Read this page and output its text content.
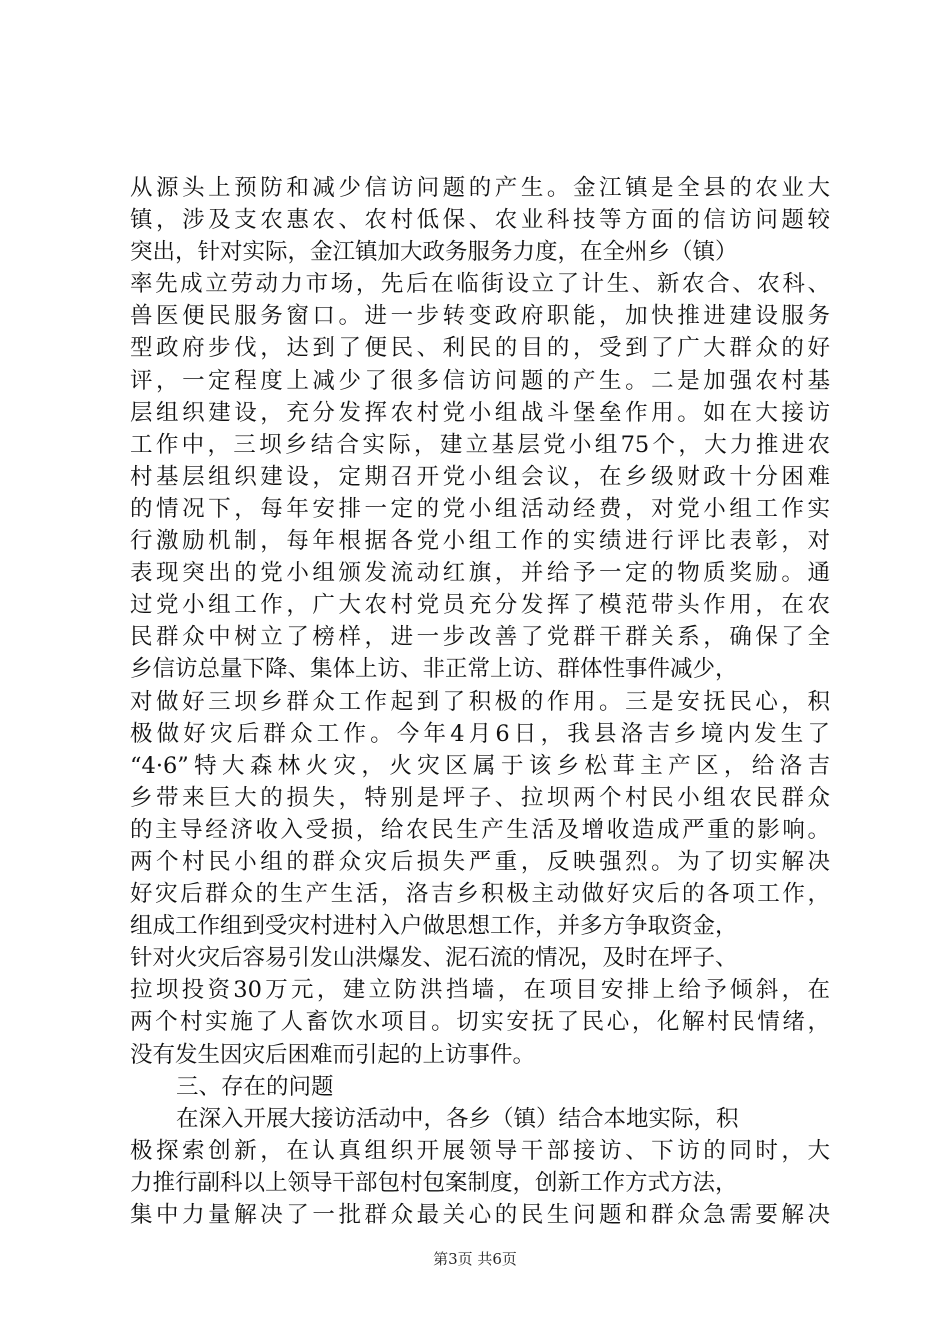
从源头上预防和减少信访问题的产生。金江镇是全县的农业大
镇，涉及支农惠农、农村低保、农业科技等方面的信访问题较
突出，针对实际，金江镇加大政务服务力度，在全州乡（镇）
率先成立劳动力市场，先后在临街设立了计生、新农合、农科、
兽医便民服务窗口。进一步转变政府职能，加快推进建设服务
型政府步伐，达到了便民、利民的目的，受到了广大群众的好
评，一定程度上减少了很多信访问题的产生。二是加强农村基
层组织建设，充分发挥农村党小组战斗堡垒作用。如在大接访
工作中，三坝乡结合实际，建立基层党小组75个，大力推进农
村基层组织建设，定期召开党小组会议，在乡级财政十分困难
的情况下，每年安排一定的党小组活动经费，对党小组工作实
行激励机制，每年根据各党小组工作的实绩进行评比表彰，对
表现突出的党小组颁发流动红旗，并给予一定的物质奖励。通
过党小组工作，广大农村党员充分发挥了模范带头作用，在农
民群众中树立了榜样，进一步改善了党群干群关系，确保了全
乡信访总量下降、集体上访、非正常上访、群体性事件减少，
对做好三坝乡群众工作起到了积极的作用。三是安抚民心，积
极做好灾后群众工作。今年4月6日，我县洛吉乡境内发生了
“4·6”特大森林火灾，火灾区属于该乡松茸主产区，给洛吉
乡带来巨大的损失，特别是坪子、拉坝两个村民小组农民群众
的主导经济收入受损，给农民生产生活及增收造成严重的影响。
两个村民小组的群众灾后损失严重，反映强烈。为了切实解决
好灾后群众的生产生活，洛吉乡积极主动做好灾后的各项工作，
组成工作组到受灾村进村入户做思想工作，并多方争取资金，
针对火灾后容易引发山洪爆发、泥石流的情况，及时在坪子、
拉坝投资30万元，建立防洪挡墙，在项目安排上给予倾斜，在
两个村实施了人畜饮水项目。切实安抚了民心，化解村民情绪，
没有发生因灾后困难而引起的上访事件。
三、存在的问题
在深入开展大接访活动中，各乡（镇）结合本地实际，积
极探索创新，在认真组织开展领导干部接访、下访的同时，大
力推行副科以上领导干部包村包案制度，创新工作方式方法，
集中力量解决了一批群众最关心的民生问题和群众急需要解决
第3页 共6页
